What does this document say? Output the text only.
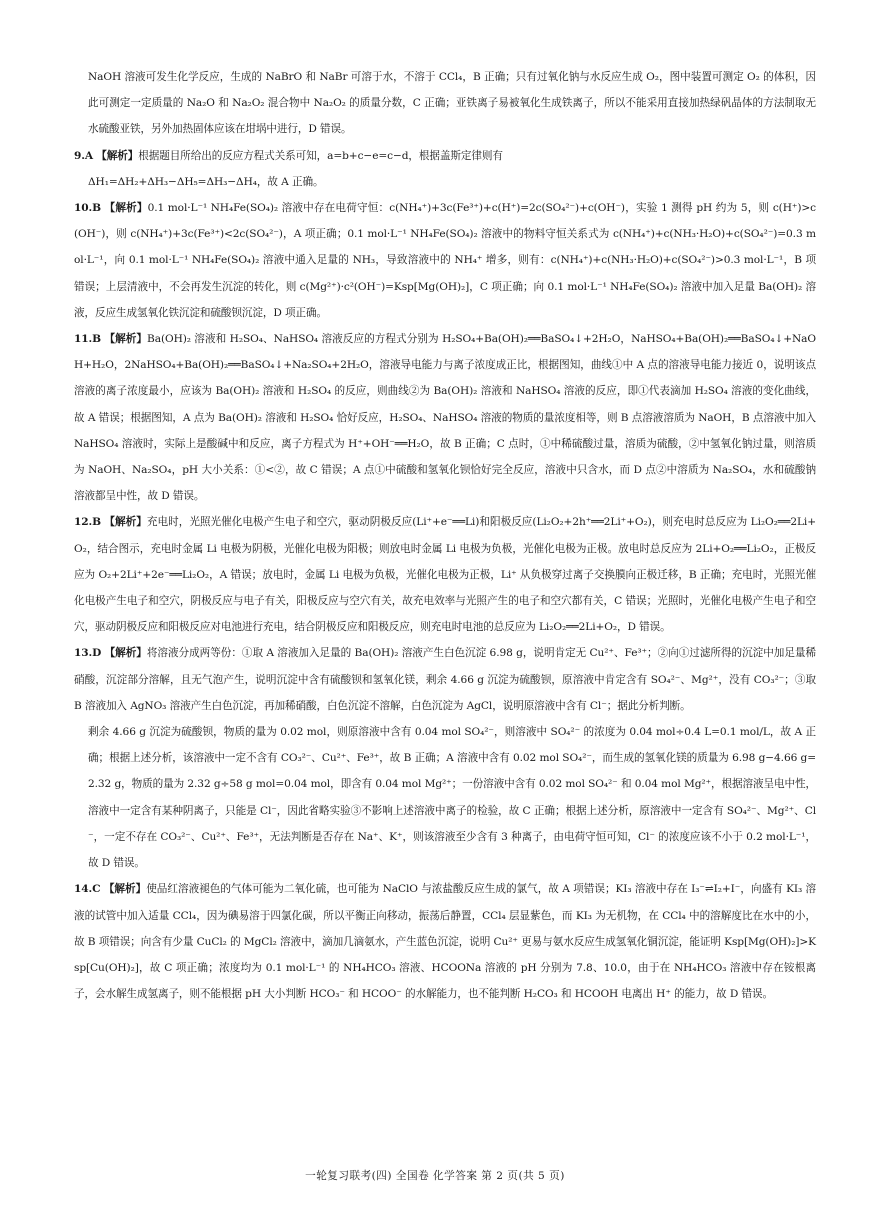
NaOH 溶液可发生化学反应，生成的 NaBrO 和 NaBr 可溶于水，不溶于 CCl₄，B 正确；只有过氧化钠与水反应生成 O₂，图中装置可测定 O₂ 的体积，因此可测定一定质量的 Na₂O 和 Na₂O₂ 混合物中 Na₂O₂ 的质量分数，C 正确；亚铁离子易被氧化生成铁离子，所以不能采用直接加热绿矾晶体的方法制取无水硫酸亚铁，另外加热固体应该在坩埚中进行，D 错误。

9.A 【解析】根据题目所给出的反应方程式关系可知，a=b+c−e=c−d，根据盖斯定律则有

ΔH₁=ΔH₂+ΔH₃−ΔH₅=ΔH₃−ΔH₄，故 A 正确。

10.B 【解析】0.1 mol·L⁻¹ NH₄Fe(SO₄)₂ 溶液中存在电荷守恒：c(NH₄⁺)+3c(Fe³⁺)+c(H⁺)=2c(SO₄²⁻)+c(OH⁻)，实验 1 测得 pH 约为 5，则 c(H⁺)>c(OH⁻)，则 c(NH₄⁺)+3c(Fe³⁺)<2c(SO₄²⁻)，A 项正确；0.1 mol·L⁻¹ NH₄Fe(SO₄)₂ 溶液中的物料守恒关系式为 c(NH₄⁺)+c(NH₃·H₂O)+c(SO₄²⁻)=0.3 mol·L⁻¹，向 0.1 mol·L⁻¹ NH₄Fe(SO₄)₂ 溶液中通入足量的 NH₃，导致溶液中的 NH₄⁺ 增多，则有：c(NH₄⁺)+c(NH₃·H₂O)+c(SO₄²⁻)>0.3 mol·L⁻¹，B 项错误；上层清液中，不会再发生沉淀的转化，则 c(Mg²⁺)·c²(OH⁻)=Ksp[Mg(OH)₂]，C 项正确；向 0.1 mol·L⁻¹ NH₄Fe(SO₄)₂ 溶液中加入足量 Ba(OH)₂ 溶液，反应生成氢氧化铁沉淀和硫酸钡沉淀，D 项正确。

11.B 【解析】Ba(OH)₂ 溶液和 H₂SO₄、NaHSO₄ 溶液反应的方程式分别为 H₂SO₄+Ba(OH)₂══BaSO₄↓+2H₂O，NaHSO₄+Ba(OH)₂══BaSO₄↓+NaOH+H₂O，2NaHSO₄+Ba(OH)₂══BaSO₄↓+Na₂SO₄+2H₂O，溶液导电能力与离子浓度成正比，根据图知，曲线①中 A 点的溶液导电能力接近 0，说明该点溶液的离子浓度最小，应该为 Ba(OH)₂ 溶液和 H₂SO₄ 的反应，则曲线②为 Ba(OH)₂ 溶液和 NaHSO₄ 溶液的反应，即①代表滴加 H₂SO₄ 溶液的变化曲线，故 A 错误；根据图知，A 点为 Ba(OH)₂ 溶液和 H₂SO₄ 恰好反应，H₂SO₄、NaHSO₄ 溶液的物质的量浓度相等，则 B 点溶液溶质为 NaOH，B 点溶液中加入 NaHSO₄ 溶液时，实际上是酸碱中和反应，离子方程式为 H⁺+OH⁻══H₂O，故 B 正确；C 点时，①中稀硫酸过量，溶质为硫酸，②中氢氧化钠过量，则溶质为 NaOH、Na₂SO₄，pH 大小关系：①<②，故 C 错误；A 点①中硫酸和氢氧化钡恰好完全反应，溶液中只含水，而 D 点②中溶质为 Na₂SO₄，水和硫酸钠溶液都呈中性，故 D 错误。

12.B 【解析】充电时，光照光催化电极产生电子和空穴，驱动阴极反应(Li⁺+e⁻══Li)和阳极反应(Li₂O₂+2h⁺══2Li⁺+O₂)，则充电时总反应为 Li₂O₂══2Li+O₂，结合图示，充电时金属 Li 电极为阴极，光催化电极为阳极；则放电时金属 Li 电极为负极，光催化电极为正极。放电时总反应为 2Li+O₂══Li₂O₂，正极反应为 O₂+2Li⁺+2e⁻══Li₂O₂，A 错误；放电时，金属 Li 电极为负极，光催化电极为正极，Li⁺ 从负极穿过离子交换膜向正极迁移，B 正确；充电时，光照光催化电极产生电子和空穴，阴极反应与电子有关，阳极反应与空穴有关，故充电效率与光照产生的电子和空穴都有关，C 错误；光照时，光催化电极产生电子和空穴，驱动阴极反应和阳极反应对电池进行充电，结合阴极反应和阳极反应，则充电时电池的总反应为 Li₂O₂══2Li+O₂，D 错误。

13.D 【解析】将溶液分成两等份：①取 A 溶液加入足量的 Ba(OH)₂ 溶液产生白色沉淀 6.98 g，说明肯定无 Cu²⁺、Fe³⁺；②向①过滤所得的沉淀中加足量稀硝酸，沉淀部分溶解，且无气泡产生，说明沉淀中含有硫酸钡和氢氧化镁，剩余 4.66 g 沉淀为硫酸钡，原溶液中肯定含有 SO₄²⁻、Mg²⁺，没有 CO₃²⁻；③取 B 溶液加入 AgNO₃ 溶液产生白色沉淀，再加稀硝酸，白色沉淀不溶解，白色沉淀为 AgCl，说明原溶液中含有 Cl⁻；据此分析判断。

剩余 4.66 g 沉淀为硫酸钡，物质的量为 0.02 mol，则原溶液中含有 0.04 mol SO₄²⁻，则溶液中 SO₄²⁻ 的浓度为 0.04 mol÷0.4 L=0.1 mol/L，故 A 正确；根据上述分析，该溶液中一定不含有 CO₃²⁻、Cu²⁺、Fe³⁺，故 B 正确；A 溶液中含有 0.02 mol SO₄²⁻，而生成的氢氧化镁的质量为 6.98 g−4.66 g=2.32 g，物质的量为 2.32 g÷58 g mol=0.04 mol，即含有 0.04 mol Mg²⁺；一份溶液中含有 0.02 mol SO₄²⁻ 和 0.04 mol Mg²⁺，根据溶液呈电中性，溶液中一定含有某种阴离子，只能是 Cl⁻，因此省略实验③不影响上述溶液中离子的检验，故 C 正确；根据上述分析，原溶液中一定含有 SO₄²⁻、Mg²⁺、Cl⁻，一定不存在 CO₃²⁻、Cu²⁺、Fe³⁺，无法判断是否存在 Na⁺、K⁺，则该溶液至少含有 3 种离子，由电荷守恒可知，Cl⁻ 的浓度应该不小于 0.2 mol·L⁻¹，故 D 错误。

14.C 【解析】使品红溶液褪色的气体可能为二氧化硫，也可能为 NaClO 与浓盐酸反应生成的氯气，故 A 项错误；KI₃ 溶液中存在 I₃⁻⇌I₂+I⁻，向盛有 KI₃ 溶液的试管中加入适量 CCl₄，因为碘易溶于四氯化碳，所以平衡正向移动，振荡后静置，CCl₄ 层显紫色，而 KI₃ 为无机物，在 CCl₄ 中的溶解度比在水中的小，故 B 项错误；向含有少量 CuCl₂ 的 MgCl₂ 溶液中，滴加几滴氨水，产生蓝色沉淀，说明 Cu²⁺ 更易与氨水反应生成氢氧化铜沉淀，能证明 Ksp[Mg(OH)₂]>Ksp[Cu(OH)₂]，故 C 项正确；浓度均为 0.1 mol·L⁻¹ 的 NH₄HCO₃ 溶液、HCOONa 溶液的 pH 分别为 7.8、10.0，由于在 NH₄HCO₃ 溶液中存在铵根离子，会水解生成氢离子，则不能根据 pH 大小判断 HCO₃⁻ 和 HCOO⁻ 的水解能力，也不能判断 H₂CO₃ 和 HCOOH 电离出 H⁺ 的能力，故 D 错误。

一轮复习联考(四) 全国卷 化学答案 第 2 页(共 5 页)
